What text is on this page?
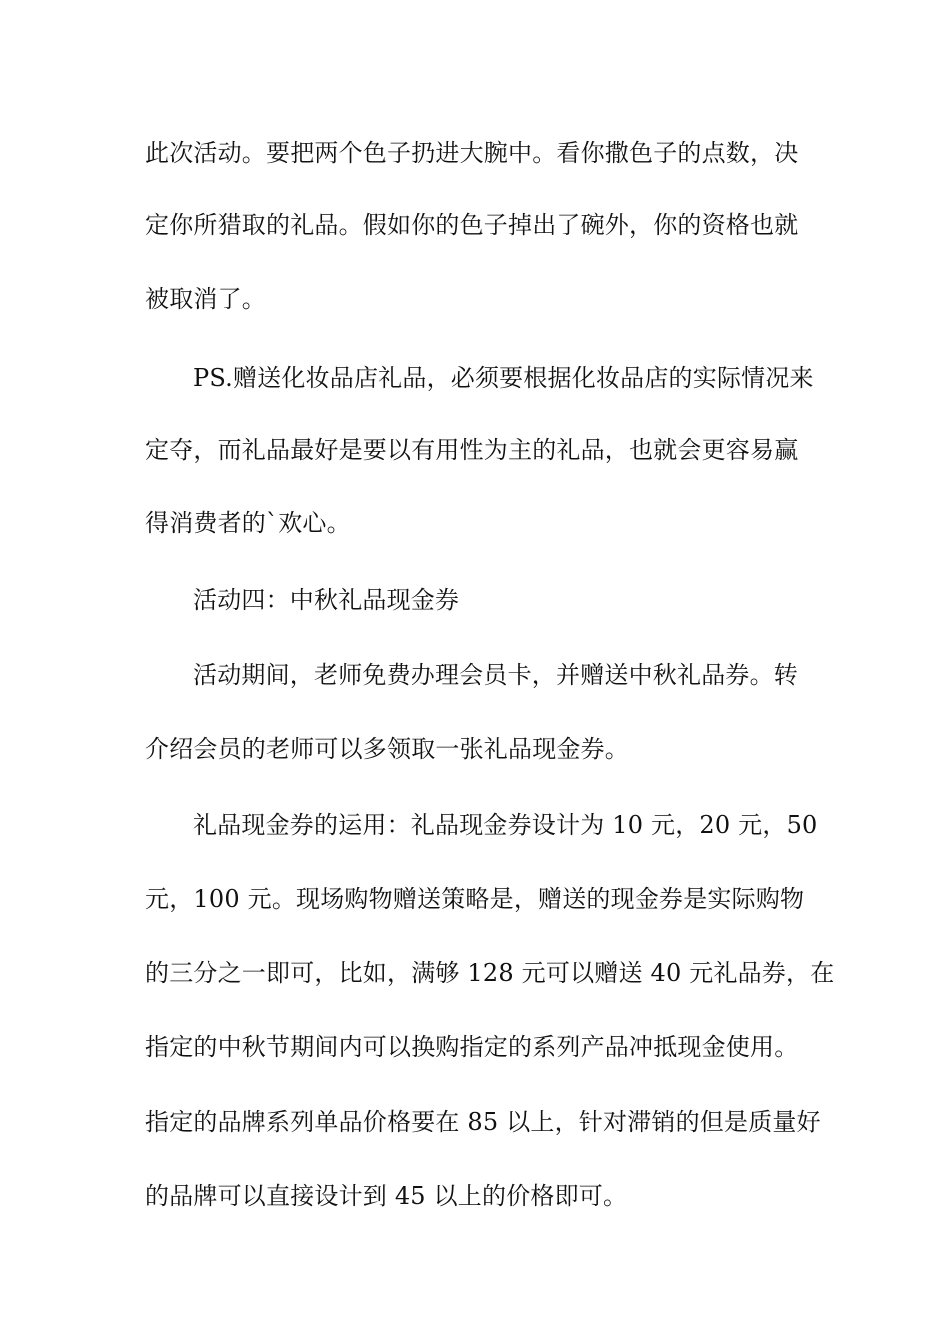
此次活动。要把两个色子扔进大腕中。看你撒色子的点数，决
定你所猎取的礼品。假如你的色子掉出了碗外，你的资格也就
被取消了。
PS.赠送化妆品店礼品，必须要根据化妆品店的实际情况来
定夺，而礼品最好是要以有用性为主的礼品，也就会更容易赢
得消费者的`欢心。
活动四：中秋礼品现金券
活动期间，老师免费办理会员卡，并赠送中秋礼品券。转
介绍会员的老师可以多领取一张礼品现金券。
礼品现金券的运用：礼品现金券设计为 10 元，20 元，50
元，100 元。现场购物赠送策略是，赠送的现金券是实际购物
的三分之一即可，比如，满够 128 元可以赠送 40 元礼品券，在
指定的中秋节期间内可以换购指定的系列产品冲抵现金使用。
指定的品牌系列单品价格要在 85 以上，针对滞销的但是质量好
的品牌可以直接设计到 45 以上的价格即可。
